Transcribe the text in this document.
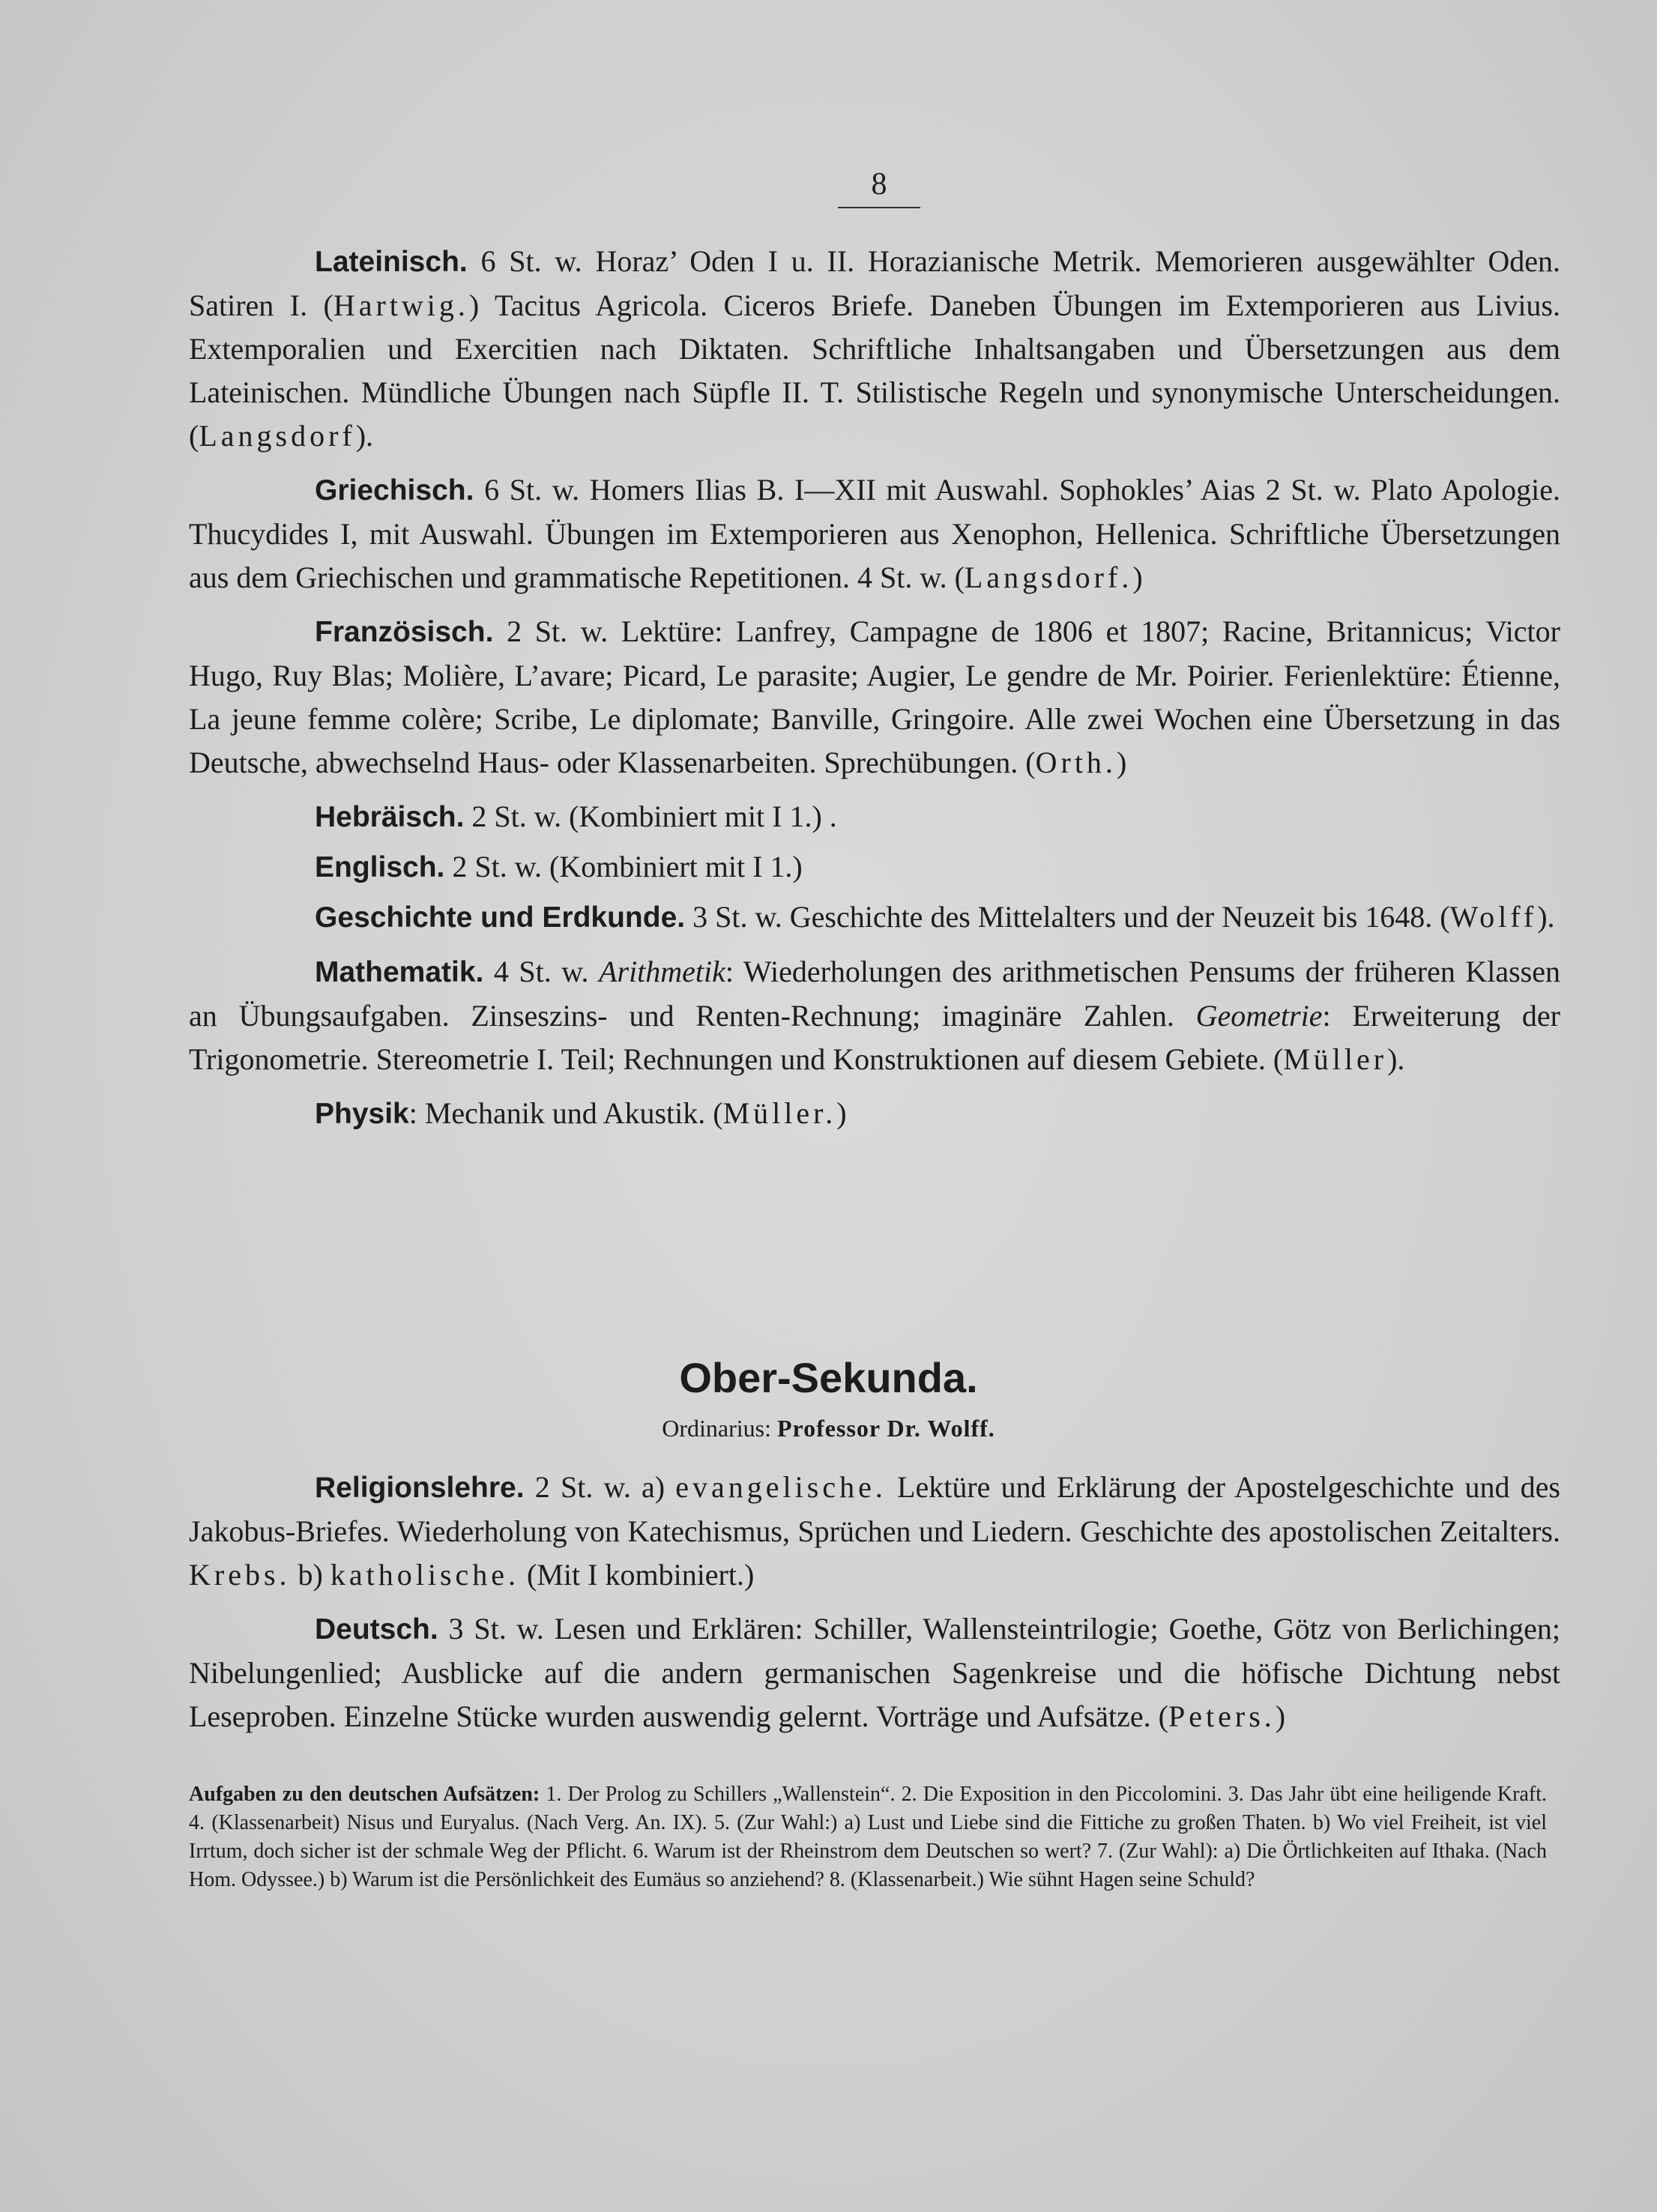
8

Lateinisch. 6 St. w. Horaz’ Oden I u. II. Horazianische Metrik. Memorieren ausgewählter Oden. Satiren I. (Hartwig.) Tacitus Agricola. Ciceros Briefe. Daneben Übungen im Extemporieren aus Livius. Extemporalien und Exercitien nach Diktaten. Schriftliche Inhaltsangaben und Übersetzungen aus dem Lateinischen. Mündliche Übungen nach Süpfle II. T. Stilistische Regeln und synonymische Unterscheidungen. (Langsdorf).

Griechisch. 6 St. w. Homers Ilias B. I—XII mit Auswahl. Sophokles’ Aias 2 St. w. Plato Apologie. Thucydides I, mit Auswahl. Übungen im Extemporieren aus Xenophon, Hellenica. Schriftliche Übersetzungen aus dem Griechischen und grammatische Repetitionen. 4 St. w. (Langsdorf.)

Französisch. 2 St. w. Lektüre: Lanfrey, Campagne de 1806 et 1807; Racine, Britannicus; Victor Hugo, Ruy Blas; Molière, L’avare; Picard, Le parasite; Augier, Le gendre de Mr. Poirier. Ferienlektüre: Étienne, La jeune femme colère; Scribe, Le diplomate; Banville, Gringoire. Alle zwei Wochen eine Übersetzung in das Deutsche, abwechselnd Haus- oder Klassenarbeiten. Sprechübungen. (Orth.)

Hebräisch. 2 St. w. (Kombiniert mit I 1.) .

Englisch. 2 St. w. (Kombiniert mit I 1.)

Geschichte und Erdkunde. 3 St. w. Geschichte des Mittelalters und der Neuzeit bis 1648. (Wolff).

Mathematik. 4 St. w. Arithmetik: Wiederholungen des arithmetischen Pensums der früheren Klassen an Übungsaufgaben. Zinseszins- und Renten-Rechnung; imaginäre Zahlen. Geometrie: Erweiterung der Trigonometrie. Stereometrie I. Teil; Rechnungen und Konstruktionen auf diesem Gebiete. (Müller).

Physik: Mechanik und Akustik. (Müller.)

Ober-Sekunda.
Ordinarius: Professor Dr. Wolff.

Religionslehre. 2 St. w. a) evangelische. Lektüre und Erklärung der Apostelgeschichte und des Jakobus-Briefes. Wiederholung von Katechismus, Sprüchen und Liedern. Geschichte des apostolischen Zeitalters. Krebs. b) katholische. (Mit I kombiniert.)

Deutsch. 3 St. w. Lesen und Erklären: Schiller, Wallensteintrilogie; Goethe, Götz von Berlichingen; Nibelungenlied; Ausblicke auf die andern germanischen Sagenkreise und die höfische Dichtung nebst Leseproben. Einzelne Stücke wurden auswendig gelernt. Vorträge und Aufsätze. (Peters.)

Aufgaben zu den deutschen Aufsätzen: 1. Der Prolog zu Schillers „Wallenstein“. 2. Die Exposition in den Piccolomini. 3. Das Jahr übt eine heiligende Kraft. 4. (Klassenarbeit) Nisus und Euryalus. (Nach Verg. An. IX). 5. (Zur Wahl:) a) Lust und Liebe sind die Fittiche zu großen Thaten. b) Wo viel Freiheit, ist viel Irrtum, doch sicher ist der schmale Weg der Pflicht. 6. Warum ist der Rheinstrom dem Deutschen so wert? 7. (Zur Wahl): a) Die Örtlichkeiten auf Ithaka. (Nach Hom. Odyssee.) b) Warum ist die Persönlichkeit des Eumäus so anziehend? 8. (Klassenarbeit.) Wie sühnt Hagen seine Schuld?
